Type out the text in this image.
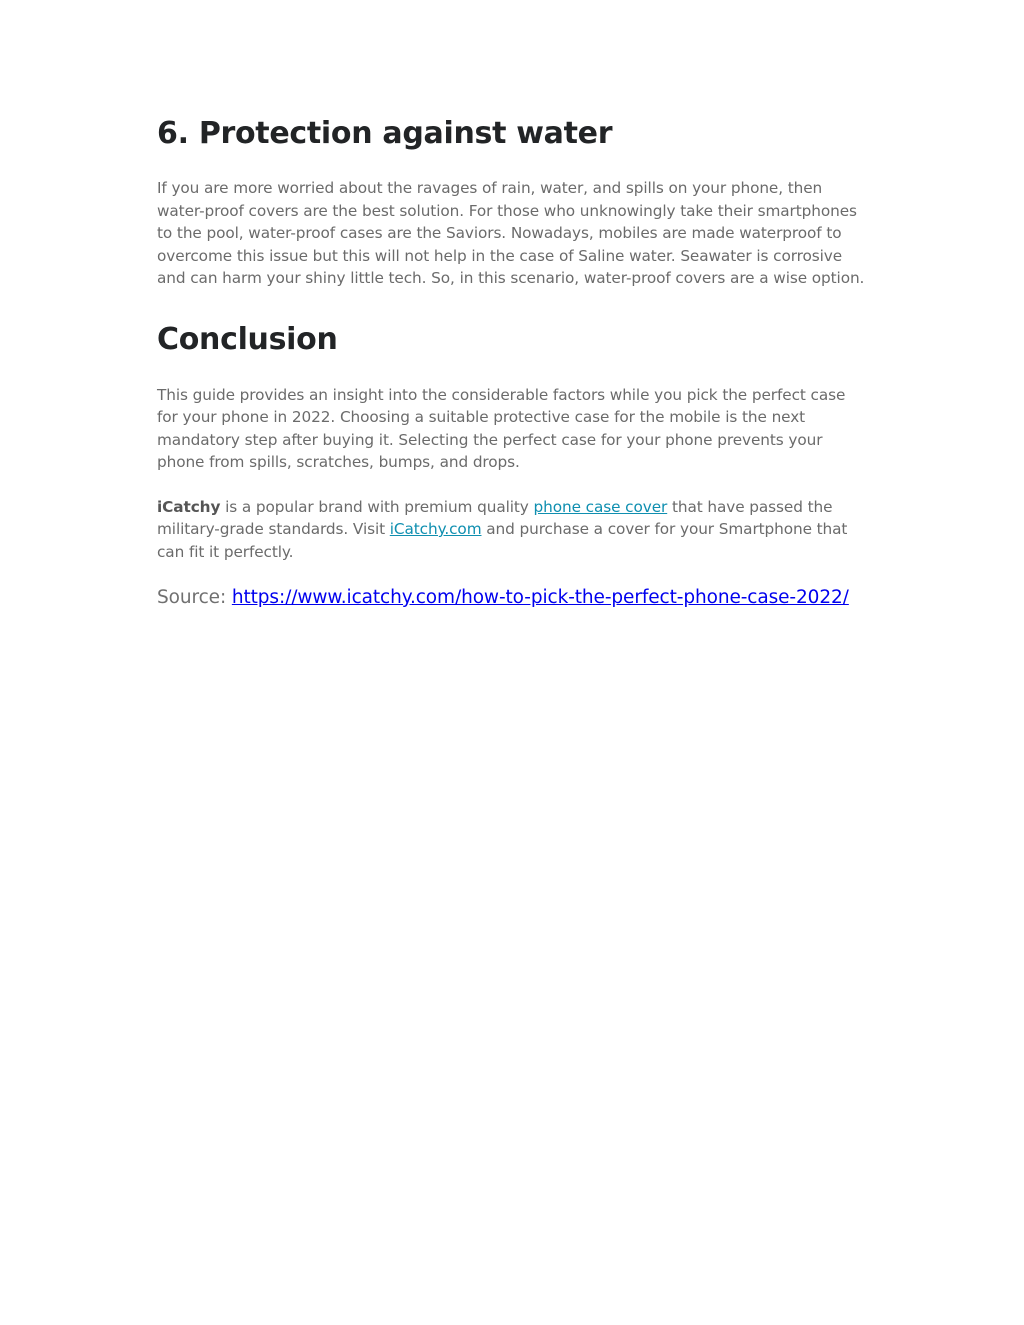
6. Protection against water

If you are more worried about the ravages of rain, water, and spills on your phone, then water-proof covers are the best solution. For those who unknowingly take their smartphones to the pool, water-proof cases are the Saviors. Nowadays, mobiles are made waterproof to overcome this issue but this will not help in the case of Saline water. Seawater is corrosive and can harm your shiny little tech. So, in this scenario, water-proof covers are a wise option.

Conclusion

This guide provides an insight into the considerable factors while you pick the perfect case for your phone in 2022. Choosing a suitable protective case for the mobile is the next mandatory step after buying it. Selecting the perfect case for your phone prevents your phone from spills, scratches, bumps, and drops.

iCatchy is a popular brand with premium quality phone case cover that have passed the military-grade standards. Visit iCatchy.com and purchase a cover for your Smartphone that can fit it perfectly.

Source: https://www.icatchy.com/how-to-pick-the-perfect-phone-case-2022/
